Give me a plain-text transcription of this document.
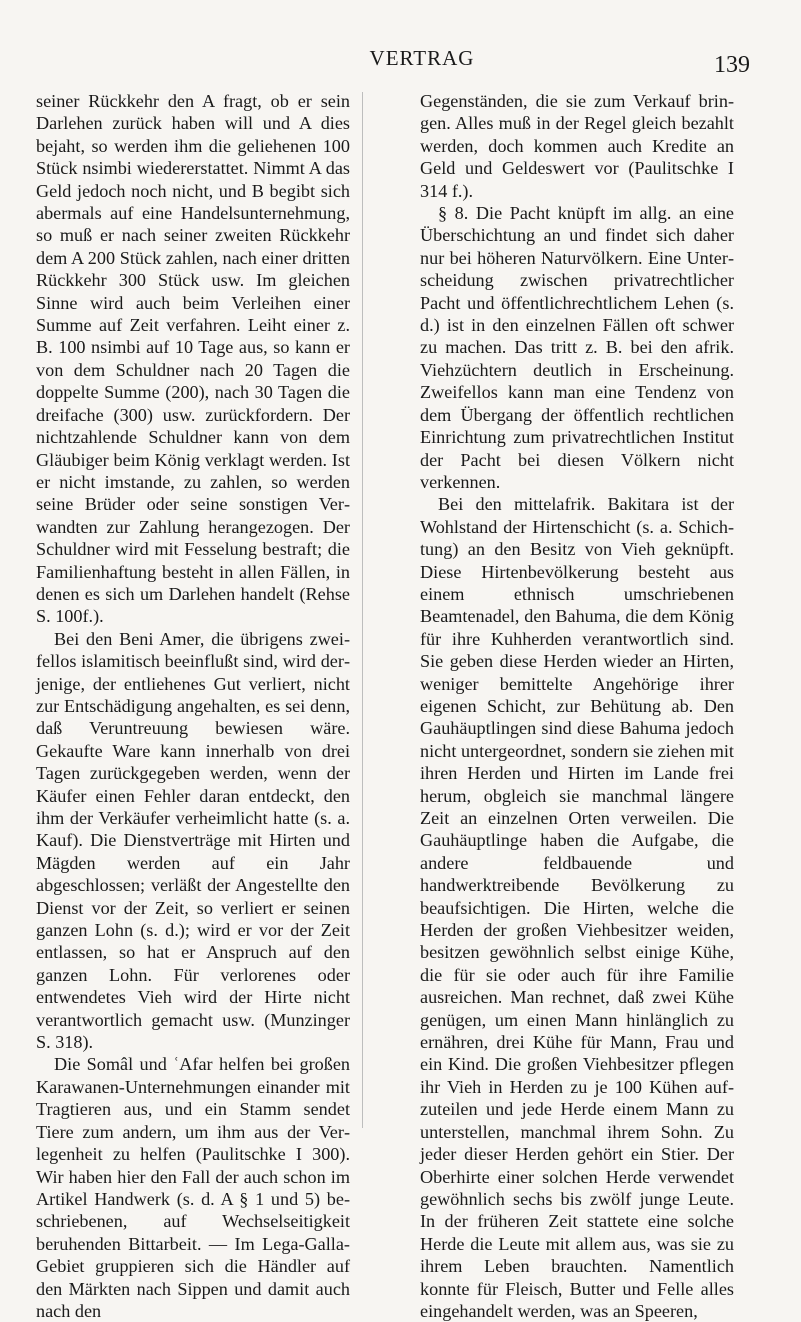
VERTRAG	139

seiner Rückkehr den A fragt, ob er sein Darlehen zurück haben will und A dies bejaht, so werden ihm die geliehenen 100 Stück nsimbi wiedererstattet. Nimmt A das Geld jedoch noch nicht, und B begibt sich abermals auf eine Handelsunternehmung, so muß er nach seiner zweiten Rückkehr dem A 200 Stück zahlen, nach einer dritten Rückkehr 300 Stück usw. Im gleichen Sinne wird auch beim Verleihen einer Summe auf Zeit verfahren. Leiht einer z. B. 100 nsimbi auf 10 Tage aus, so kann er von dem Schuldner nach 20 Tagen die doppelte Summe (200), nach 30 Tagen die dreifache (300) usw. zurückfordern. Der nichtzahlende Schuldner kann von dem Gläubiger beim König verklagt werden. Ist er nicht imstande, zu zahlen, so werden seine Brüder oder seine sonstigen Verwandten zur Zahlung herangezogen. Der Schuldner wird mit Fesselung bestraft; die Familienhaftung besteht in allen Fällen, in denen es sich um Darlehen handelt (Rehse S. 100f.).

Bei den Beni Amer, die übrigens zweifellos islamitisch beeinflußt sind, wird derjenige, der entliehenes Gut verliert, nicht zur Entschädigung angehalten, es sei denn, daß Veruntreuung bewiesen wäre. Gekaufte Ware kann innerhalb von drei Tagen zurückgegeben werden, wenn der Käufer einen Fehler daran entdeckt, den ihm der Verkäufer verheimlicht hatte (s. a. Kauf). Die Dienstverträge mit Hirten und Mägden werden auf ein Jahr abgeschlossen; verläßt der Angestellte den Dienst vor der Zeit, so verliert er seinen ganzen Lohn (s. d.); wird er vor der Zeit entlassen, so hat er Anspruch auf den ganzen Lohn. Für verlorenes oder entwendetes Vieh wird der Hirte nicht verantwortlich gemacht usw. (Munzinger S. 318).

Die Somâl und ʿAfar helfen bei großen Karawanen-Unternehmungen einander mit Tragtieren aus, und ein Stamm sendet Tiere zum andern, um ihm aus der Verlegenheit zu helfen (Paulitschke I 300). Wir haben hier den Fall der auch schon im Artikel Handwerk (s. d. A § 1 und 5) beschriebenen, auf Wechselseitigkeit beruhenden Bittarbeit. — Im Lega-Galla-Gebiet gruppieren sich die Händler auf den Märkten nach Sippen und damit auch nach den

Gegenständen, die sie zum Verkauf bringen. Alles muß in der Regel gleich bezahlt werden, doch kommen auch Kredite an Geld und Geldeswert vor (Paulitschke I 314 f.).

§ 8. Die Pacht knüpft im allg. an eine Überschichtung an und findet sich daher nur bei höheren Naturvölkern. Eine Unterscheidung zwischen privatrechtlicher Pacht und öffentlichrechtlichem Lehen (s. d.) ist in den einzelnen Fällen oft schwer zu machen. Das tritt z. B. bei den afrik. Viehzüchtern deutlich in Erscheinung. Zweifellos kann man eine Tendenz von dem Übergang der öffentlich rechtlichen Einrichtung zum privatrechtlichen Institut der Pacht bei diesen Völkern nicht verkennen.

Bei den mittelafrik. Bakitara ist der Wohlstand der Hirtenschicht (s. a. Schichtung) an den Besitz von Vieh geknüpft. Diese Hirtenbevölkerung besteht aus einem ethnisch umschriebenen Beamtenadel, den Bahuma, die dem König für ihre Kuhherden verantwortlich sind. Sie geben diese Herden wieder an Hirten, weniger bemittelte Angehörige ihrer eigenen Schicht, zur Behütung ab. Den Gauhäuptlingen sind diese Bahuma jedoch nicht untergeordnet, sondern sie ziehen mit ihren Herden und Hirten im Lande frei herum, obgleich sie manchmal längere Zeit an einzelnen Orten verweilen. Die Gauhäuptlinge haben die Aufgabe, die andere feldbauende und handwerktreibende Bevölkerung zu beaufsichtigen. Die Hirten, welche die Herden der großen Viehbesitzer weiden, besitzen gewöhnlich selbst einige Kühe, die für sie oder auch für ihre Familie ausreichen. Man rechnet, daß zwei Kühe genügen, um einen Mann hinlänglich zu ernähren, drei Kühe für Mann, Frau und ein Kind. Die großen Viehbesitzer pflegen ihr Vieh in Herden zu je 100 Kühen aufzuteilen und jede Herde einem Mann zu unterstellen, manchmal ihrem Sohn. Zu jeder dieser Herden gehört ein Stier. Der Oberhirte einer solchen Herde verwendet gewöhnlich sechs bis zwölf junge Leute. In der früheren Zeit stattete eine solche Herde die Leute mit allem aus, was sie zu ihrem Leben brauchten. Namentlich konnte für Fleisch, Butter und Felle alles eingehandelt werden, was an Speeren,
